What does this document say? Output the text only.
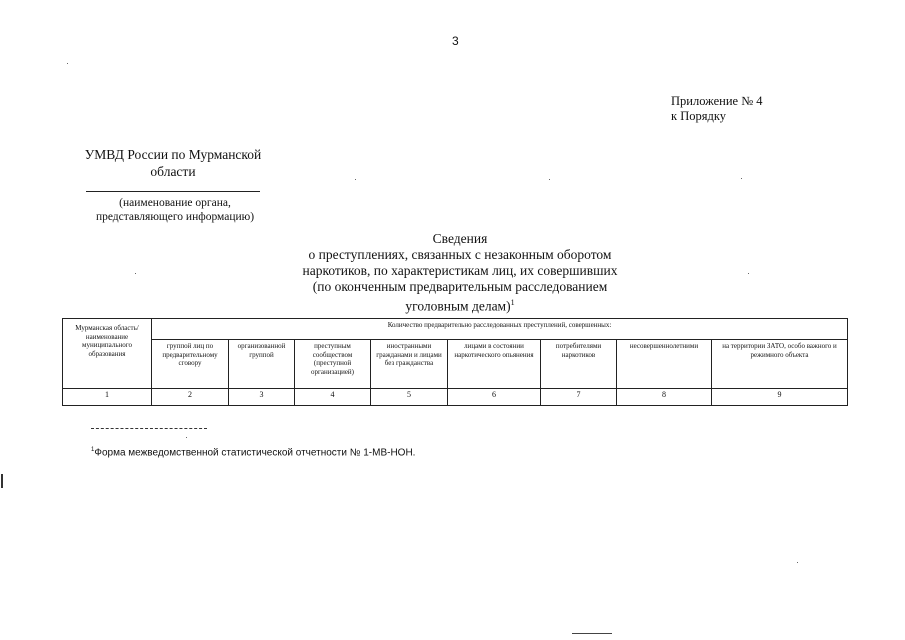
3
Приложение № 4
к Порядку
УМВД России по Мурманской
области
(наименование органа,
представляющего информацию)
Сведения
о преступлениях, связанных с незаконным оборотом
наркотиков, по характеристикам лиц, их совершивших
(по оконченным предварительным расследованием
уголовным делам)$^1$
Мурманская область/наименование муниципального образования	Количество предварительно расследованных преступлений, совершенных:							
	группой лиц по предварительному сговору	организованной группой	преступным сообществом (преступной организацией)	иностранными гражданами и лицами без гражданства	лицами в состоянии наркотического опьянения	потребителями наркотиков	несовершеннолетними	на территории ЗАТО, особо важного и режимного объекта
1	2	3	4	5	6	7	8	9
$^1$Форма межведомственной статистической отчетности № 1-МВ-НОН.
